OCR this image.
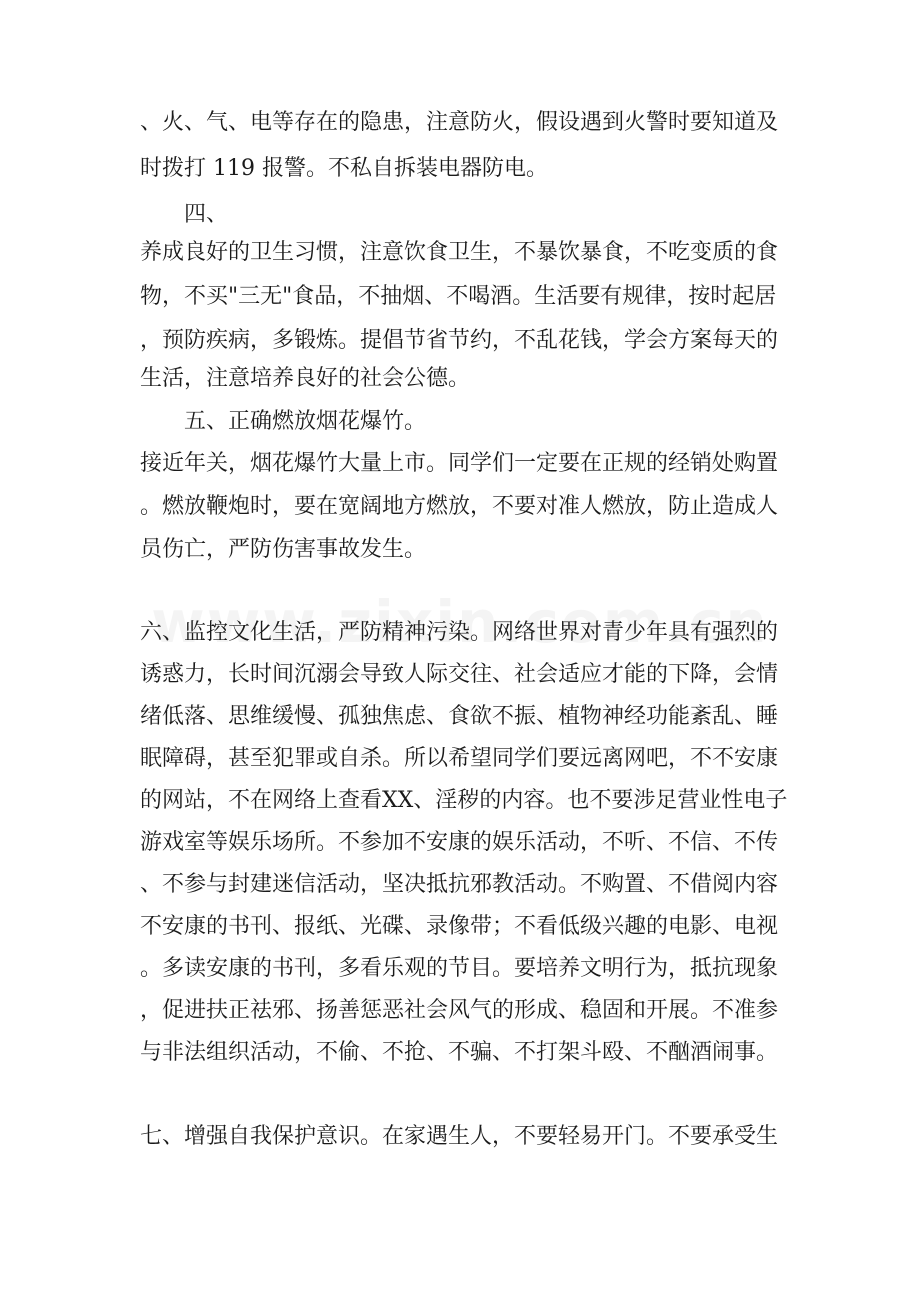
、火、气、电等存在的隐患，注意防火，假设遇到火警时要知道及

时拨打 119 报警。不私自拆装电器防电。

四、

养成良好的卫生习惯，注意饮食卫生，不暴饮暴食，不吃变质的食

物，不买"三无"食品，不抽烟、不喝酒。生活要有规律，按时起居

，预防疾病，多锻炼。提倡节省节约，不乱花钱，学会方案每天的

生活，注意培养良好的社会公德。

五、正确燃放烟花爆竹。

接近年关，烟花爆竹大量上市。同学们一定要在正规的经销处购置

。燃放鞭炮时，要在宽阔地方燃放，不要对准人燃放，防止造成人

员伤亡，严防伤害事故发生。

六、监控文化生活，严防精神污染。网络世界对青少年具有强烈的

诱惑力，长时间沉溺会导致人际交往、社会适应才能的下降，会情

绪低落、思维缓慢、孤独焦虑、食欲不振、植物神经功能紊乱、睡

眠障碍，甚至犯罪或自杀。所以希望同学们要远离网吧，不不安康

的网站，不在网络上查看XX、淫秽的内容。也不要涉足营业性电子

游戏室等娱乐场所。不参加不安康的娱乐活动，不听、不信、不传

、不参与封建迷信活动，坚决抵抗邪教活动。不购置、不借阅内容

不安康的书刊、报纸、光碟、录像带；不看低级兴趣的电影、电视

。多读安康的书刊，多看乐观的节目。要培养文明行为，抵抗现象

，促进扶正祛邪、扬善惩恶社会风气的形成、稳固和开展。不准参

与非法组织活动，不偷、不抢、不骗、不打架斗殴、不酗酒闹事。

七、增强自我保护意识。在家遇生人，不要轻易开门。不要承受生
